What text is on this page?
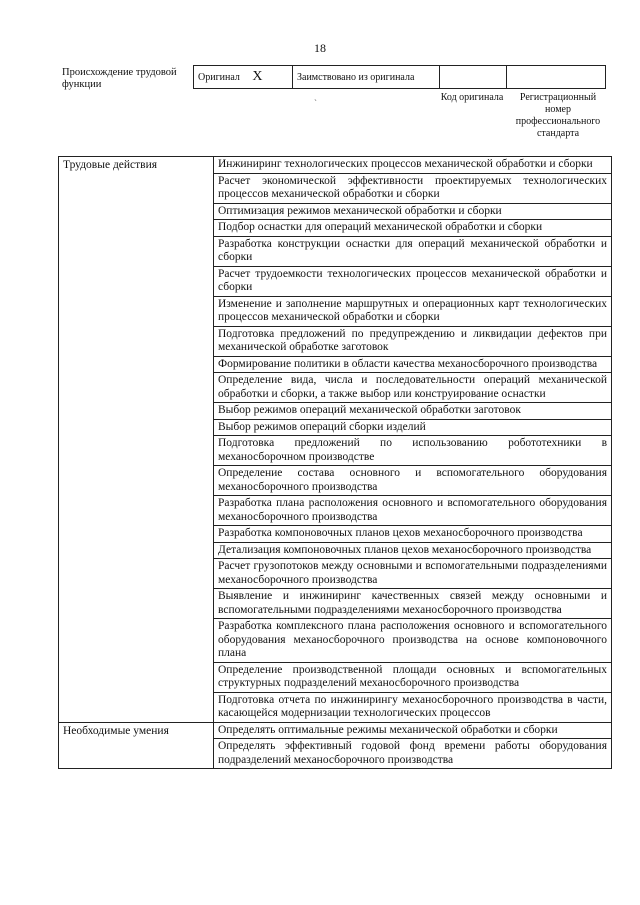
18
Происхождение трудовой функции
Оригинал X	Заимствовано из оригинала		
`	Код оригинала	Регистрационный номер профессионального стандарта
Трудовые действия	Инжиниринг технологических процессов механической обработки и сборки
	Расчет экономической эффективности проектируемых технологических процессов механической обработки и сборки
	Оптимизация режимов механической обработки и сборки
	Подбор оснастки для операций механической обработки и сборки
	Разработка конструкции оснастки для операций механической обработки и сборки
	Расчет трудоемкости технологических процессов механической обработки и сборки
	Изменение и заполнение маршрутных и операционных карт технологических процессов механической обработки и сборки
	Подготовка предложений по предупреждению и ликвидации дефектов при механической обработке заготовок
	Формирование политики в области качества механосборочного производства
	Определение вида, числа и последовательности операций механической обработки и сборки, а также выбор или конструирование оснастки
	Выбор режимов операций механической обработки заготовок
	Выбор режимов операций сборки изделий
	Подготовка предложений по использованию робототехники в механосборочном производстве
	Определение состава основного и вспомогательного оборудования механосборочного производства
	Разработка плана расположения основного и вспомогательного оборудования механосборочного производства
	Разработка компоновочных планов цехов механосборочного производства
	Детализация компоновочных планов цехов механосборочного производства
	Расчет грузопотоков между основными и вспомогательными подразделениями механосборочного производства
	Выявление и инжиниринг качественных связей между основными и вспомогательными подразделениями механосборочного производства
	Разработка комплексного плана расположения основного и вспомогательного оборудования механосборочного производства на основе компоновочного плана
	Определение производственной площади основных и вспомогательных структурных подразделений механосборочного производства
	Подготовка отчета по инжинирингу механосборочного производства в части, касающейся модернизации технологических процессов
Необходимые умения	Определять оптимальные режимы механической обработки и сборки
	Определять эффективный годовой фонд времени работы оборудования подразделений механосборочного производства
